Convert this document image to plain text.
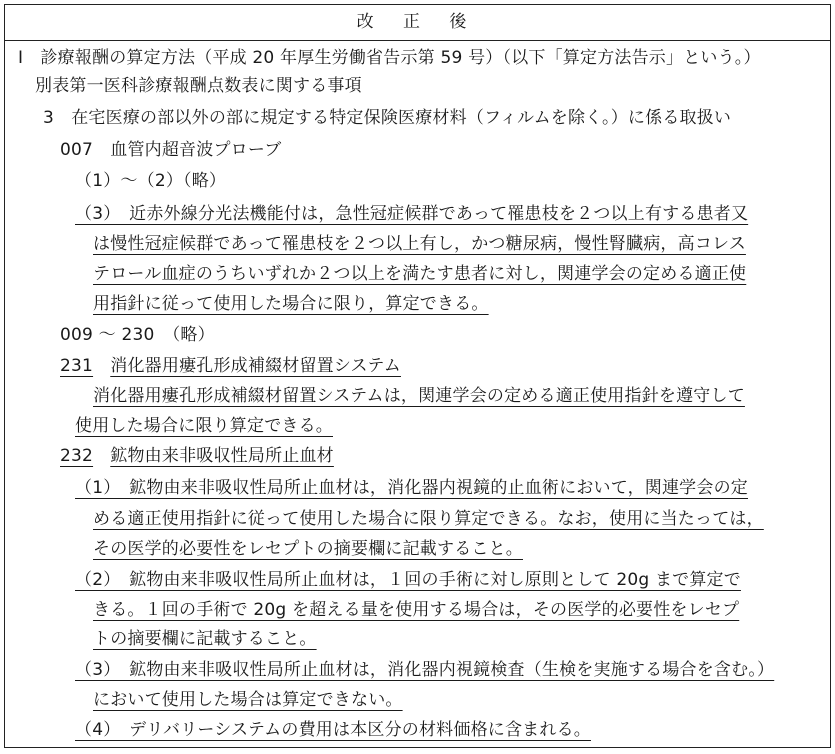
改 正 後
Ⅰ　診療報酬の算定方法（平成 20 年厚生労働省告示第 59 号）（以下「算定方法告示」という。）
別表第一医科診療報酬点数表に関する事項
3　在宅医療の部以外の部に規定する特定保険医療材料（フィルムを除く。）に係る取扱い
007　血管内超音波プローブ
（1）～（2）（略）
（3）　近赤外線分光法機能付は，急性冠症候群であって罹患枝を２つ以上有する患者又
は慢性冠症候群であって罹患枝を２つ以上有し，かつ糖尿病，慢性腎臓病，高コレス
テロール血症のうちいずれか２つ以上を満たす患者に対し，関連学会の定める適正使
用指針に従って使用した場合に限り，算定できる。
009 ～ 230　（略）
231　 消化器用瘻孔形成補綴材留置システム
消化器用瘻孔形成補綴材留置システムは，関連学会の定める適正使用指針を遵守して
使用した場合に限り算定できる。
232　 鉱物由来非吸収性局所止血材
（1）　鉱物由来非吸収性局所止血材は，消化器内視鏡的止血術において，関連学会の定
める適正使用指針に従って使用した場合に限り算定できる。なお，使用に当たっては，
その医学的必要性をレセプトの摘要欄に記載すること。
（2）　鉱物由来非吸収性局所止血材は，１回の手術に対し原則として 20g まで算定で
きる。１回の手術で 20g を超える量を使用する場合は，その医学的必要性をレセプ
トの摘要欄に記載すること。
（3）　鉱物由来非吸収性局所止血材は，消化器内視鏡検査（生検を実施する場合を含む。）
において使用した場合は算定できない。
（4）　デリバリーシステムの費用は本区分の材料価格に含まれる。
